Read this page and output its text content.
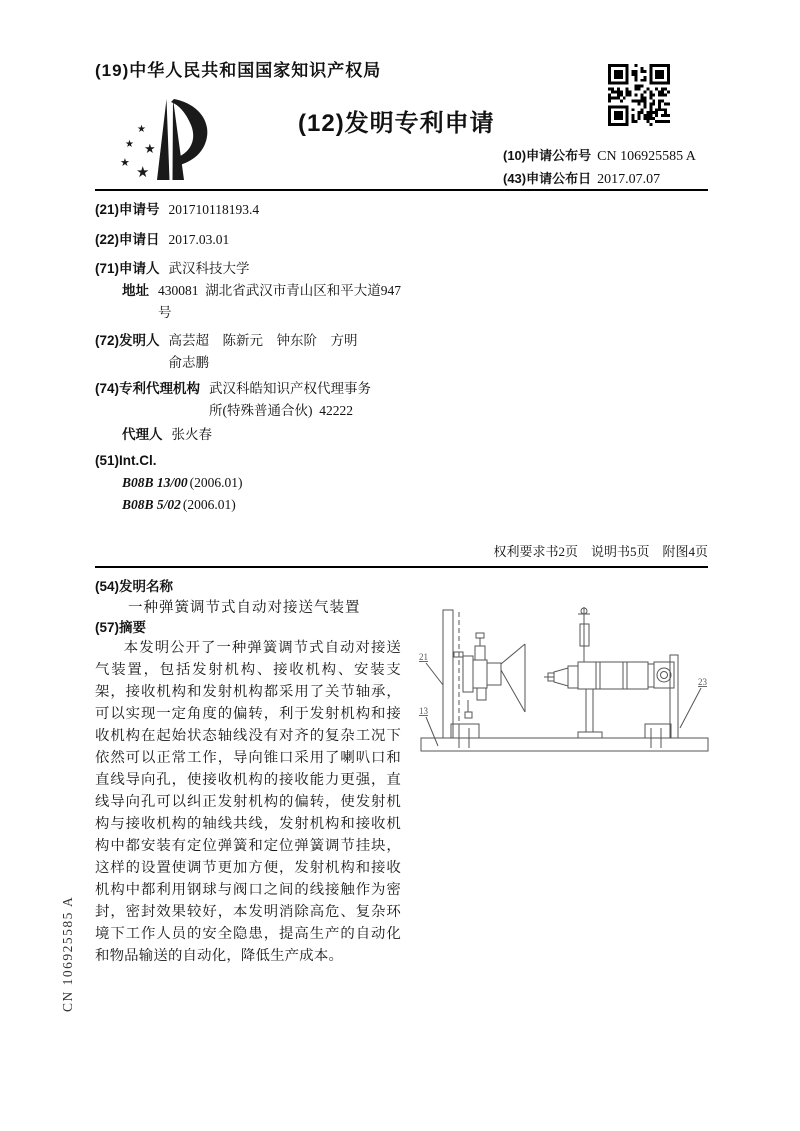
(19)中华人民共和国国家知识产权局
★
★ ★
★
★
(12)发明专利申请
(10)申请公布号 CN 106925585 A
(43)申请公布日 2017.07.07
(21)申请号 201710118193.4
(22)申请日 2017.03.01
(71)申请人 武汉科技大学
地址 430081  湖北省武汉市青山区和平大道947号
(72)发明人 高芸超　陈新元　钟东阶　方明　俞志鹏
(74)专利代理机构 武汉科皓知识产权代理事务所(特殊普通合伙)  42222
代理人 张火春
(51)Int.Cl.
B08B 13/00 (2006.01)
B08B 5/02 (2006.01)
权利要求书2页　说明书5页　附图4页
(54)发明名称
一种弹簧调节式自动对接送气装置
(57)摘要
本发明公开了一种弹簧调节式自动对接送气装置，包括发射机构、接收机构、安装支架，接收机构和发射机构都采用了关节轴承，可以实现一定角度的偏转，利于发射机构和接收机构在起始状态轴线没有对齐的复杂工况下依然可以正常工作，导向锥口采用了喇叭口和直线导向孔，使接收机构的接收能力更强，直线导向孔可以纠正发射机构的偏转，使发射机构与接收机构的轴线共线，发射机构和接收机构中都安装有定位弹簧和定位弹簧调节挂块，这样的设置使调节更加方便，发射机构和接收机构中都利用钢球与阀口之间的线接触作为密封，密封效果较好，本发明消除高危、复杂环境下工作人员的安全隐患，提高生产的自动化和物品输送的自动化，降低生产成本。
21
13
23
CN 106925585 A
